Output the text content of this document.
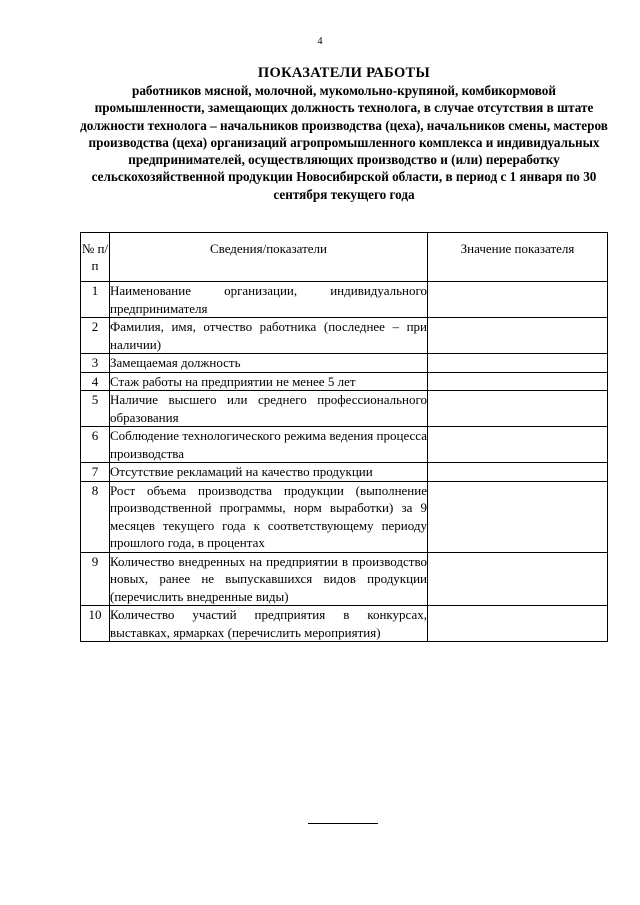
4
ПОКАЗАТЕЛИ РАБОТЫ
работников мясной, молочной, мукомольно-крупяной, комбикормовой промышленности, замещающих должность технолога, в случае отсутствия в штате должности технолога – начальников производства (цеха), начальников смены, мастеров производства (цеха) организаций агропромышленного комплекса и индивидуальных предпринимателей, осуществляющих производство и (или) переработку сельскохозяйственной продукции Новосибирской области, в период с 1 января по 30 сентября текущего года
№ п/п	Сведения/показатели	Значение показателя
1	Наименование организации, индивидуального предпринимателя	
2	Фамилия, имя, отчество работника (последнее – при наличии)	
3	Замещаемая должность	
4	Стаж работы на предприятии не менее 5 лет	
5	Наличие высшего или среднего профессионального образования	
6	Соблюдение технологического режима ведения процесса производства	
7	Отсутствие рекламаций на качество продукции	
8	Рост объема производства продукции (выполнение производственной программы, норм выработки) за 9 месяцев текущего года к соответствующему периоду прошлого года, в процентах	
9	Количество внедренных на предприятии в производство новых, ранее не выпускавшихся видов продукции (перечислить внедренные виды)	
10	Количество участий предприятия в конкурсах, выставках, ярмарках (перечислить мероприятия)	
